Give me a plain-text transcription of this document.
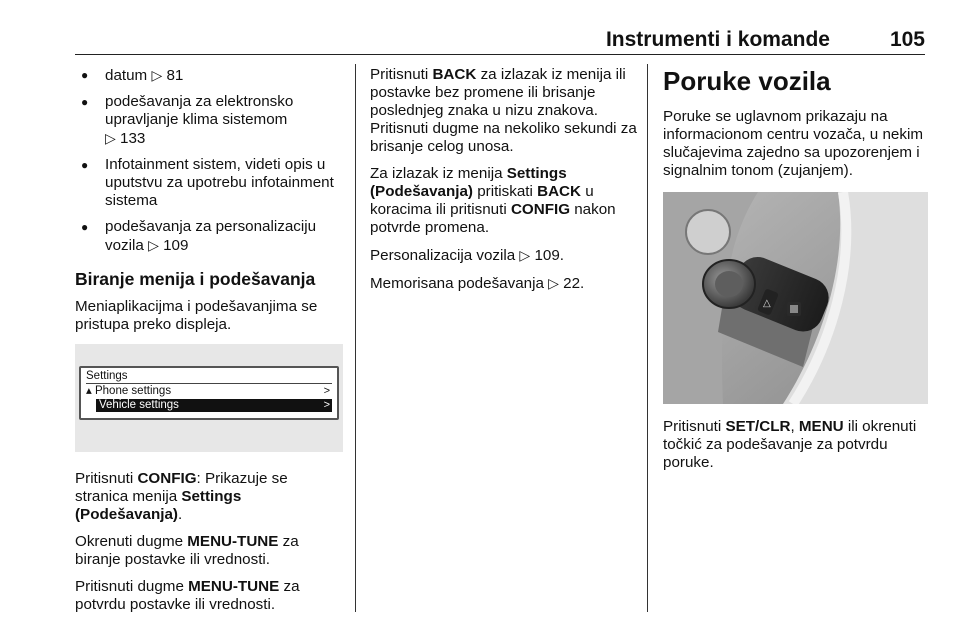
Instrumenti i komande	105
● datum ▷ 81
● podešavanja za elektronsko upravljanje klima sistemom
▷ 133
● Infotainment sistem, videti opis u uputstvu za upotrebu infotainment sistema
● podešavanja za personalizaciju vozila ▷ 109
Biranje menija i podešavanja

Meniaplikacijma i podešavanjima se pristupa preko displeja.

Settings
▴ Phone settings	>
Vehicle settings	>

Pritisnuti CONFIG: Prikazuje se stranica menija Settings (Podešavanja).

Okrenuti dugme MENU-TUNE za biranje postavke ili vrednosti.

Pritisnuti dugme MENU-TUNE za potvrdu postavke ili vrednosti.

Pritisnuti BACK za izlazak iz menija ili postavke bez promene ili brisanje poslednjeg znaka u nizu znakova. Pritisnuti dugme na nekoliko sekundi za brisanje celog unosa.

Za izlazak iz menija Settings (Podešavanja) pritiskati BACK u koracima ili pritisnuti CONFIG nakon potvrde promena.

Personalizacija vozila ▷ 109.

Memorisana podešavanja ▷ 22.

Poruke vozila

Poruke se uglavnom prikazaju na informacionom centru vozača, u nekim slučajevima zajedno sa upozorenjem i signalnim tonom (zujanjem).

△

Pritisnuti SET/CLR, MENU ili okrenuti točkić za podešavanje za potvrdu poruke.
